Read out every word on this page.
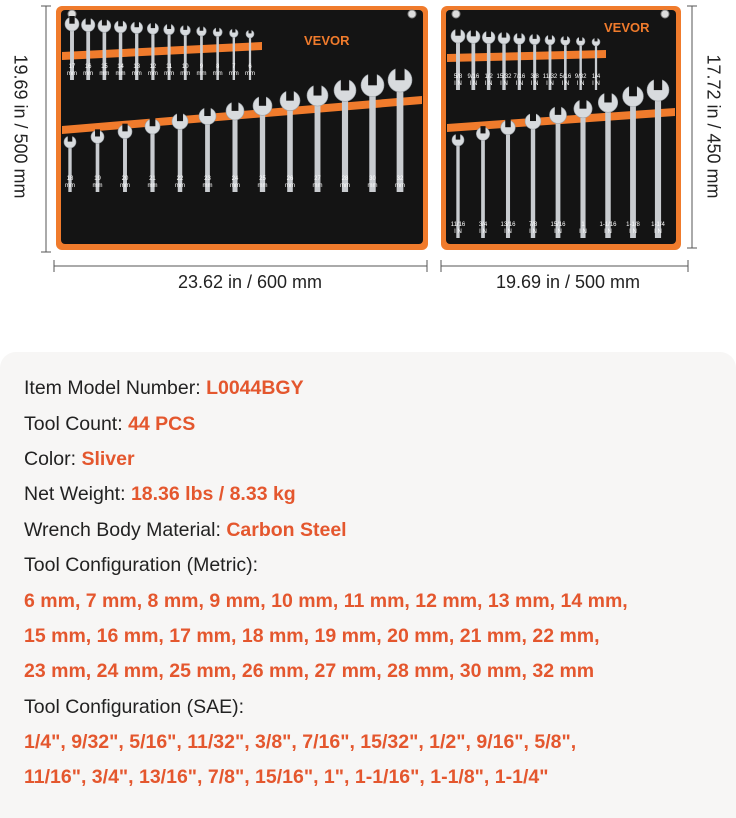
17
mm
16
mm
15
mm
14
mm
13
mm
12
mm
11
mm
10
mm
9
mm
8
mm
7
mm
6
mm
18
mm
19
mm
20
mm
21
mm
22
mm
23
mm
24
mm
25
mm
26
mm
27
mm
28
mm
30
mm
32
mm
VEVOR
5/8
I N
9/16
I N
1/2
I N
15/32
I N
7/16
I N
3/8
I N
11/32
I N
5/16
I N
9/32
I N
1/4
I N
11/16
I N
3/4
I N
13/16
I N
7/8
I N
15/16
I N
1
I N
1-1/16
I N
1-1/8
I N
1-1/4
I N
VEVOR
19.69 in / 500 mm
23.62 in / 600 mm	19.69 in / 500 mm
17.72 in / 450 mm
Item Model Number: L0044BGY
Tool Count: 44 PCS
Color: Sliver
Net Weight: 18.36 lbs / 8.33 kg
Wrench Body Material: Carbon Steel
Tool Configuration (Metric):
6 mm, 7 mm, 8 mm, 9 mm, 10 mm, 11 mm, 12 mm, 13 mm, 14 mm,
15 mm, 16 mm, 17 mm, 18 mm, 19 mm, 20 mm, 21 mm, 22 mm,
23 mm, 24 mm, 25 mm, 26 mm, 27 mm, 28 mm, 30 mm, 32 mm
Tool Configuration (SAE):
1/4", 9/32", 5/16", 11/32", 3/8", 7/16", 15/32", 1/2", 9/16", 5/8",
11/16", 3/4", 13/16", 7/8", 15/16", 1", 1-1/16", 1-1/8", 1-1/4"
